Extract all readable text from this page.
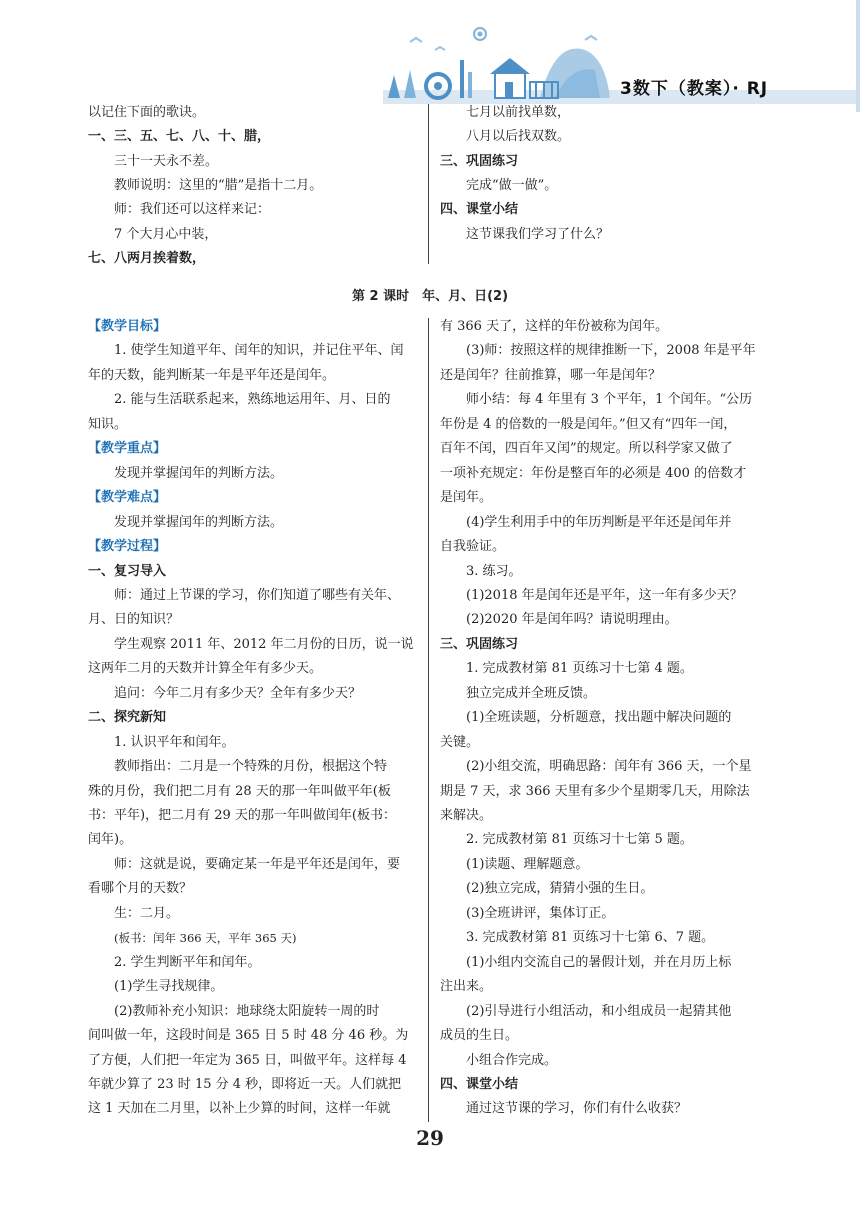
3数下（教案）· RJ
以记住下面的歌诀。
一、三、五、七、八、十、腊，
三十一天永不差。
教师说明：这里的“腊”是指十二月。
师：我们还可以这样来记：
7 个大月心中装，
七、八两月挨着数，
七月以前找单数，
八月以后找双数。
三、巩固练习
完成“做一做”。
四、课堂小结
这节课我们学习了什么？
第 2 课时　年、月、日(2)
【教学目标】
1. 使学生知道平年、闰年的知识，并记住平年、闰
年的天数，能判断某一年是平年还是闰年。
2. 能与生活联系起来，熟练地运用年、月、日的
知识。
【教学重点】
发现并掌握闰年的判断方法。
【教学难点】
发现并掌握闰年的判断方法。
【教学过程】
一、复习导入
师：通过上节课的学习，你们知道了哪些有关年、
月、日的知识？
学生观察 2011 年、2012 年二月份的日历，说一说
这两年二月的天数并计算全年有多少天。
追问：今年二月有多少天？全年有多少天？
二、探究新知
1. 认识平年和闰年。
教师指出：二月是一个特殊的月份，根据这个特
殊的月份，我们把二月有 28 天的那一年叫做平年(板
书：平年)，把二月有 29 天的那一年叫做闰年(板书：
闰年)。
师：这就是说，要确定某一年是平年还是闰年，要
看哪个月的天数？
生：二月。
(板书：闰年 366 天，平年 365 天)
2. 学生判断平年和闰年。
(1)学生寻找规律。
(2)教师补充小知识：地球绕太阳旋转一周的时
间叫做一年，这段时间是 365 日 5 时 48 分 46 秒。为
了方便，人们把一年定为 365 日，叫做平年。这样每 4
年就少算了 23 时 15 分 4 秒，即将近一天。人们就把
这 1 天加在二月里，以补上少算的时间，这样一年就
有 366 天了，这样的年份被称为闰年。
(3)师：按照这样的规律推断一下，2008 年是平年
还是闰年？往前推算，哪一年是闰年？
师小结：每 4 年里有 3 个平年，1 个闰年。“公历
年份是 4 的倍数的一般是闰年。”但又有“四年一闰，
百年不闰，四百年又闰”的规定。所以科学家又做了
一项补充规定：年份是整百年的必须是 400 的倍数才
是闰年。
(4)学生利用手中的年历判断是平年还是闰年并
自我验证。
3. 练习。
(1)2018 年是闰年还是平年，这一年有多少天？
(2)2020 年是闰年吗？请说明理由。
三、巩固练习
1. 完成教材第 81 页练习十七第 4 题。
独立完成并全班反馈。
(1)全班读题，分析题意，找出题中解决问题的
关键。
(2)小组交流，明确思路：闰年有 366 天，一个星
期是 7 天，求 366 天里有多少个星期零几天，用除法
来解决。
2. 完成教材第 81 页练习十七第 5 题。
(1)读题、理解题意。
(2)独立完成，猜猜小强的生日。
(3)全班讲评，集体订正。
3. 完成教材第 81 页练习十七第 6、7 题。
(1)小组内交流自己的暑假计划，并在月历上标
注出来。
(2)引导进行小组活动，和小组成员一起猜其他
成员的生日。
小组合作完成。
四、课堂小结
通过这节课的学习，你们有什么收获？
29
